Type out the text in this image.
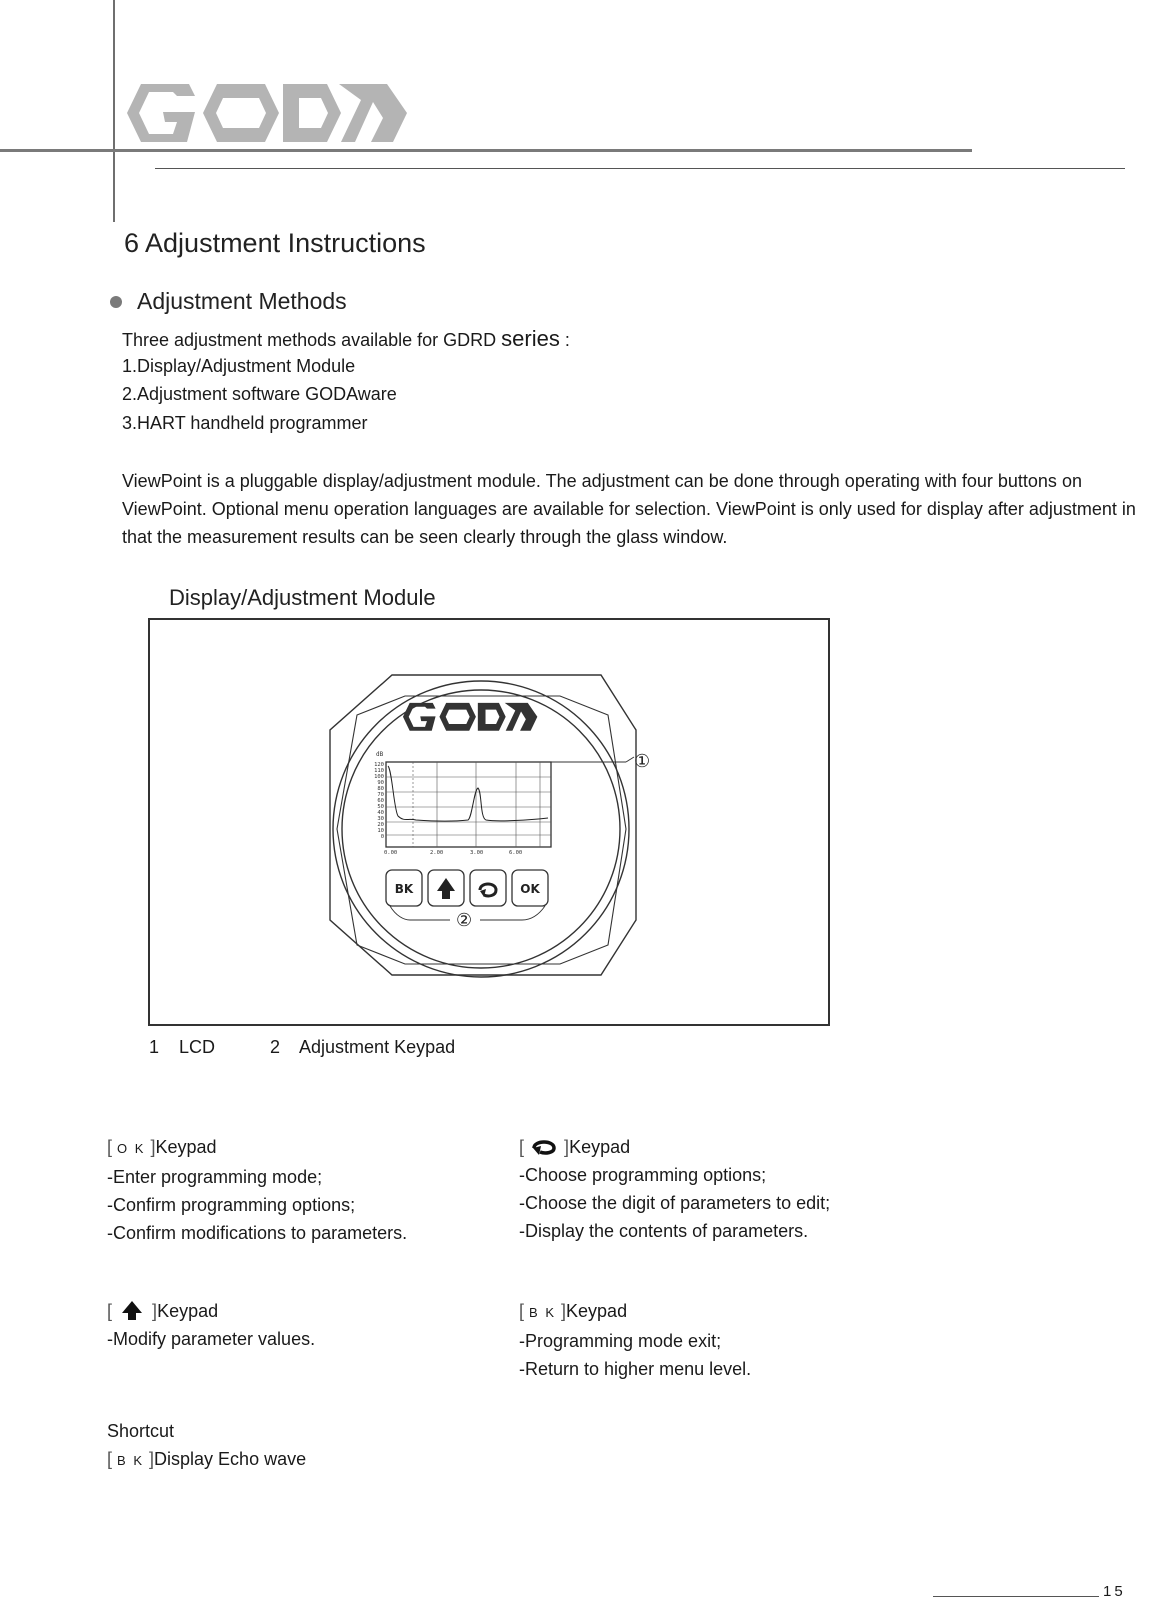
6 Adjustment Instructions
Adjustment Methods
Three adjustment methods available for GDRD series :
1.Display/Adjustment Module
2.Adjustment software GODAware
3.HART handheld programmer
ViewPoint is a pluggable display/adjustment module. The adjustment can be done through operating with four buttons on ViewPoint. Optional menu operation languages are available for selection. ViewPoint is only used for display after adjustment in that the measurement results can be seen clearly through the glass window.
Display/Adjustment Module
dB
120
110
100
90
80
70
60
50
40
30
20
10
0
0.00	2.00	3.00	6.00
①
BK	OK
②
1    LCD	2    Adjustment Keypad
[ O K ]Keypad
-Enter programming mode;
-Confirm programming options;
-Confirm modifications to parameters.
[ ]Keypad
-Choose programming options;
-Choose the digit of parameters to edit;
-Display the contents of parameters.
[ ]Keypad
-Modify parameter values.
[ B K ]Keypad
-Programming mode exit;
-Return to higher menu level.
Shortcut
[ B K ]Display Echo wave
15
